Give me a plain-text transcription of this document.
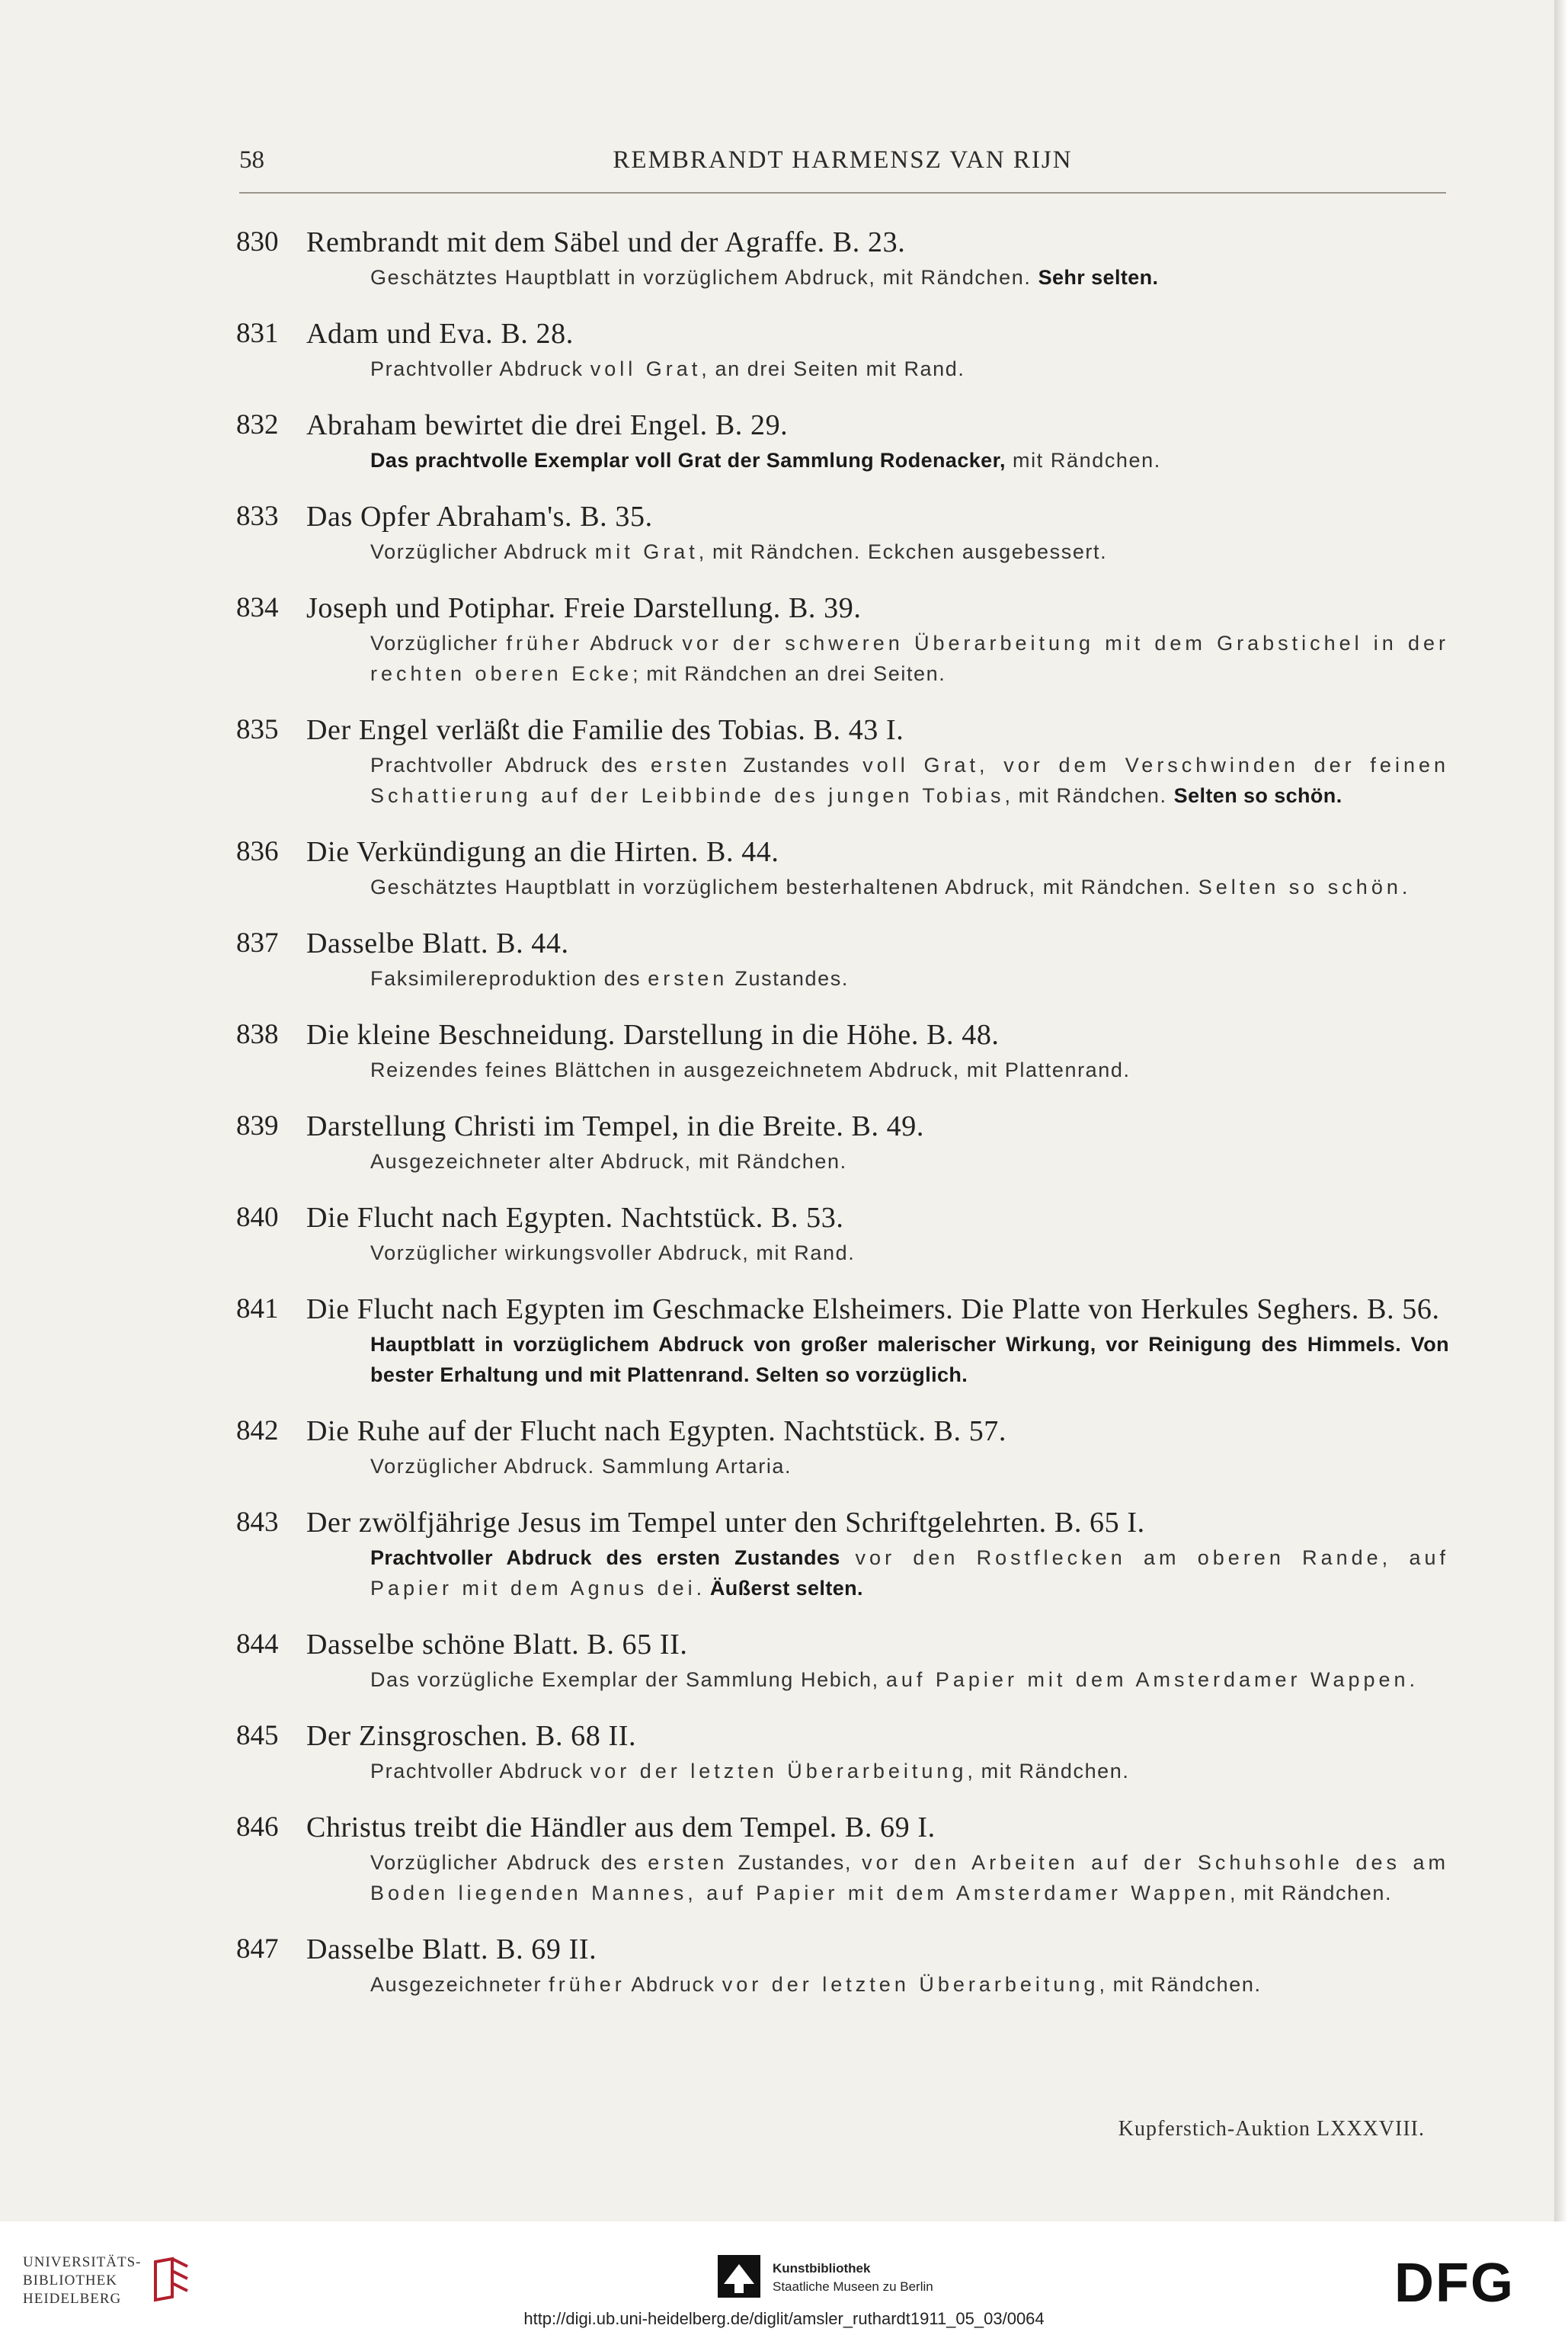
58	REMBRANDT HARMENSZ VAN RIJN
830 Rembrandt mit dem Säbel und der Agraffe. B. 23.
Geschätztes Hauptblatt in vorzüglichem Abdruck, mit Rändchen. Sehr selten.
831 Adam und Eva. B. 28.
Prachtvoller Abdruck voll Grat, an drei Seiten mit Rand.
832 Abraham bewirtet die drei Engel. B. 29.
Das prachtvolle Exemplar voll Grat der Sammlung Rodenacker, mit Rändchen.
833 Das Opfer Abraham's. B. 35.
Vorzüglicher Abdruck mit Grat, mit Rändchen. Eckchen ausgebessert.
834 Joseph und Potiphar. Freie Darstellung. B. 39.
Vorzüglicher früher Abdruck vor der schweren Überarbeitung mit dem Grabstichel in der rechten oberen Ecke; mit Rändchen an drei Seiten.
835 Der Engel verläßt die Familie des Tobias. B. 43 I.
Prachtvoller Abdruck des ersten Zustandes voll Grat, vor dem Verschwinden der feinen Schattierung auf der Leibbinde des jungen Tobias, mit Rändchen. Selten so schön.
836 Die Verkündigung an die Hirten. B. 44.
Geschätztes Hauptblatt in vorzüglichem besterhaltenen Abdruck, mit Rändchen. Selten so schön.
837 Dasselbe Blatt. B. 44.
Faksimilereproduktion des ersten Zustandes.
838 Die kleine Beschneidung. Darstellung in die Höhe. B. 48.
Reizendes feines Blättchen in ausgezeichnetem Abdruck, mit Plattenrand.
839 Darstellung Christi im Tempel, in die Breite. B. 49.
Ausgezeichneter alter Abdruck, mit Rändchen.
840 Die Flucht nach Egypten. Nachtstück. B. 53.
Vorzüglicher wirkungsvoller Abdruck, mit Rand.
841 Die Flucht nach Egypten im Geschmacke Elsheimers. Die Platte von Herkules Seghers. B. 56.
Hauptblatt in vorzüglichem Abdruck von großer malerischer Wirkung, vor Reinigung des Himmels. Von bester Erhaltung und mit Plattenrand. Selten so vorzüglich.
842 Die Ruhe auf der Flucht nach Egypten. Nachtstück. B. 57.
Vorzüglicher Abdruck. Sammlung Artaria.
843 Der zwölfjährige Jesus im Tempel unter den Schriftgelehrten. B. 65 I.
Prachtvoller Abdruck des ersten Zustandes vor den Rostflecken am oberen Rande, auf Papier mit dem Agnus dei. Äußerst selten.
844 Dasselbe schöne Blatt. B. 65 II.
Das vorzügliche Exemplar der Sammlung Hebich, auf Papier mit dem Amsterdamer Wappen.
845 Der Zinsgroschen. B. 68 II.
Prachtvoller Abdruck vor der letzten Überarbeitung, mit Rändchen.
846 Christus treibt die Händler aus dem Tempel. B. 69 I.
Vorzüglicher Abdruck des ersten Zustandes, vor den Arbeiten auf der Schuhsohle des am Boden liegenden Mannes, auf Papier mit dem Amsterdamer Wappen, mit Rändchen.
847 Dasselbe Blatt. B. 69 II.
Ausgezeichneter früher Abdruck vor der letzten Überarbeitung, mit Rändchen.
Kupferstich-Auktion LXXXVIII.
UNIVERSITÄTS-
BIBLIOTHEK
HEIDELBERG
Kunstbibliothek
Staatliche Museen zu Berlin	DFG
http://digi.ub.uni-heidelberg.de/diglit/amsler_ruthardt1911_05_03/0064
